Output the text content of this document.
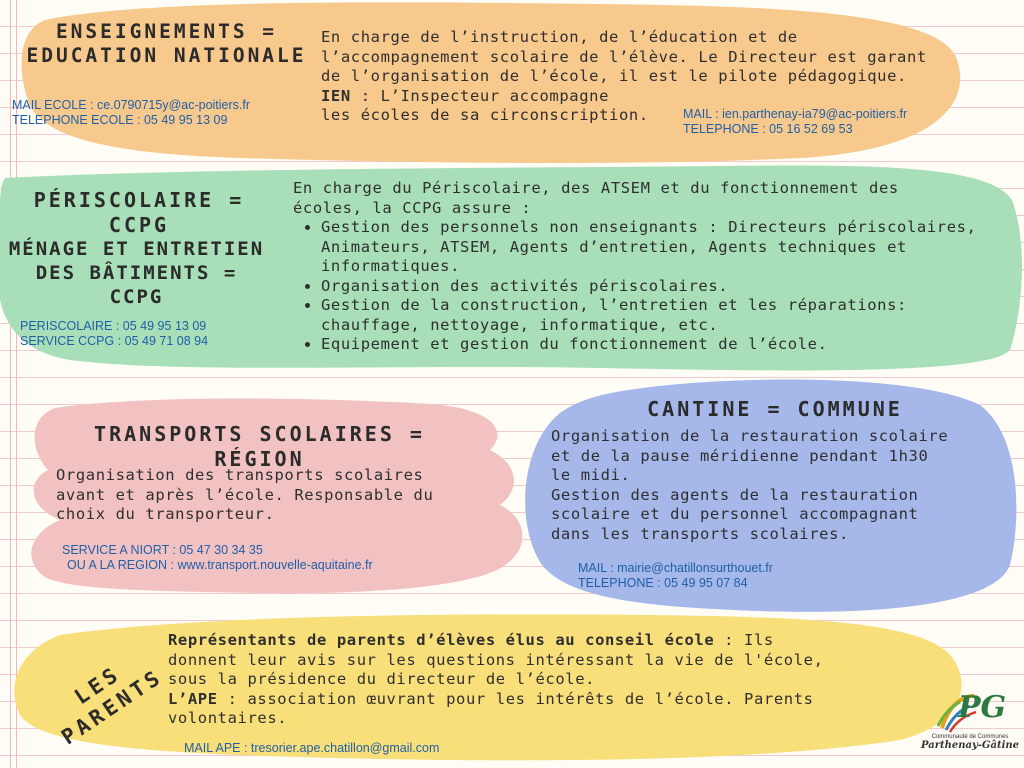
ENSEIGNEMENTS =
EDUCATION NATIONALE
En charge de l’instruction, de l’éducation et de
l’accompagnement scolaire de l’élève. Le Directeur est garant
de l’organisation de l’école, il est le pilote pédagogique.
IEN : L’Inspecteur accompagne
les écoles de sa circonscription.
MAIL ECOLE : ce.0790715y@ac-poitiers.fr
TELEPHONE ECOLE : 05 49 95 13 09	MAIL : ien.parthenay-ia79@ac-poitiers.fr
TELEPHONE : 05 16 52 69 53
PÉRISCOLAIRE = CCPG
MÉNAGE ET ENTRETIEN
DES BÂTIMENTS = CCPG
En charge du Périscolaire, des ATSEM et du fonctionnement des
écoles, la CCPG assure :
• Gestion des personnels non enseignants : Directeurs périscolaires, Animateurs, ATSEM, Agents d’entretien, Agents techniques et informatiques.
• Organisation des activités périscolaires.
• Gestion de la construction, l’entretien et les réparations: chauffage, nettoyage, informatique, etc.
• Equipement et gestion du fonctionnement de l’école.
PERISCOLAIRE : 05 49 95 13 09
SERVICE CCPG : 05 49 71 08 94
TRANSPORTS SCOLAIRES = RÉGION
Organisation des transports scolaires
avant et après l’école. Responsable du
choix du transporteur.
SERVICE A NIORT : 05 47 30 34 35
OU A LA REGION : www.transport.nouvelle-aquitaine.fr
CANTINE = COMMUNE
Organisation de la restauration scolaire
et de la pause méridienne pendant 1h30
le midi.
Gestion des agents de la restauration
scolaire et du personnel accompagnant
dans les transports scolaires.
MAIL : mairie@chatillonsurthouet.fr
TELEPHONE : 05 49 95 07 84
LES PARENTS
Représentants de parents d’élèves élus au conseil école : Ils
donnent leur avis sur les questions intéressant la vie de l'école,
sous la présidence du directeur de l’école.
L’APE : association œuvrant pour les intérêts de l’école. Parents
volontaires.
MAIL APE : tresorier.ape.chatillon@gmail.com
PG
Communauté de Communes
Parthenay-Gâtine
